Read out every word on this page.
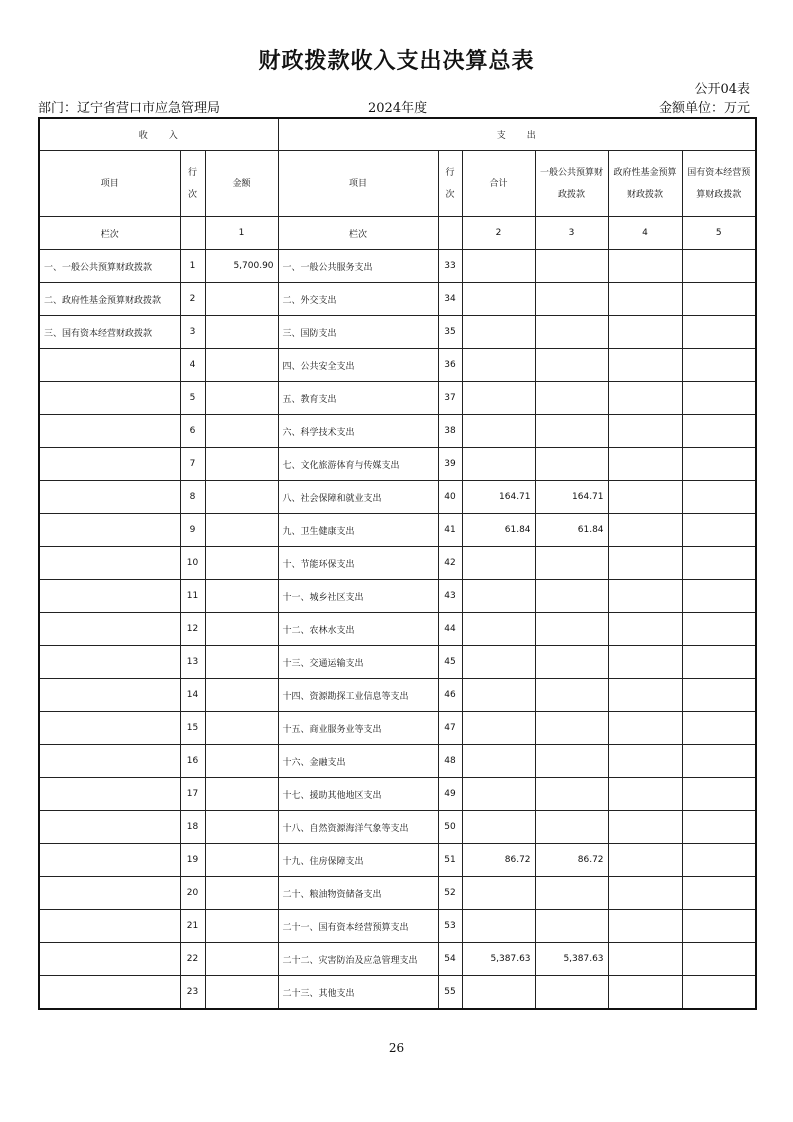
财政拨款收入支出决算总表
公开04表
部门：辽宁省营口市应急管理局	2024年度	金额单位：万元
收　　入			支　　出					
项目	行次	金额	项目	行次	合计	一般公共预算财政拨款	政府性基金预算财政拨款	国有资本经营预算财政拨款
栏次		1	栏次		2	3	4	5
一、一般公共预算财政拨款	1	5,700.90	一、一般公共服务支出	33				
二、政府性基金预算财政拨款	2		二、外交支出	34				
三、国有资本经营财政拨款	3		三、国防支出	35				
	4		四、公共安全支出	36				
	5		五、教育支出	37				
	6		六、科学技术支出	38				
	7		七、文化旅游体育与传媒支出	39				
	8		八、社会保障和就业支出	40	164.71	164.71		
	9		九、卫生健康支出	41	61.84	61.84		
	10		十、节能环保支出	42				
	11		十一、城乡社区支出	43				
	12		十二、农林水支出	44				
	13		十三、交通运输支出	45				
	14		十四、资源勘探工业信息等支出	46				
	15		十五、商业服务业等支出	47				
	16		十六、金融支出	48				
	17		十七、援助其他地区支出	49				
	18		十八、自然资源海洋气象等支出	50				
	19		十九、住房保障支出	51	86.72	86.72		
	20		二十、粮油物资储备支出	52				
	21		二十一、国有资本经营预算支出	53				
	22		二十二、灾害防治及应急管理支出	54	5,387.63	5,387.63		
	23		二十三、其他支出	55				
26
